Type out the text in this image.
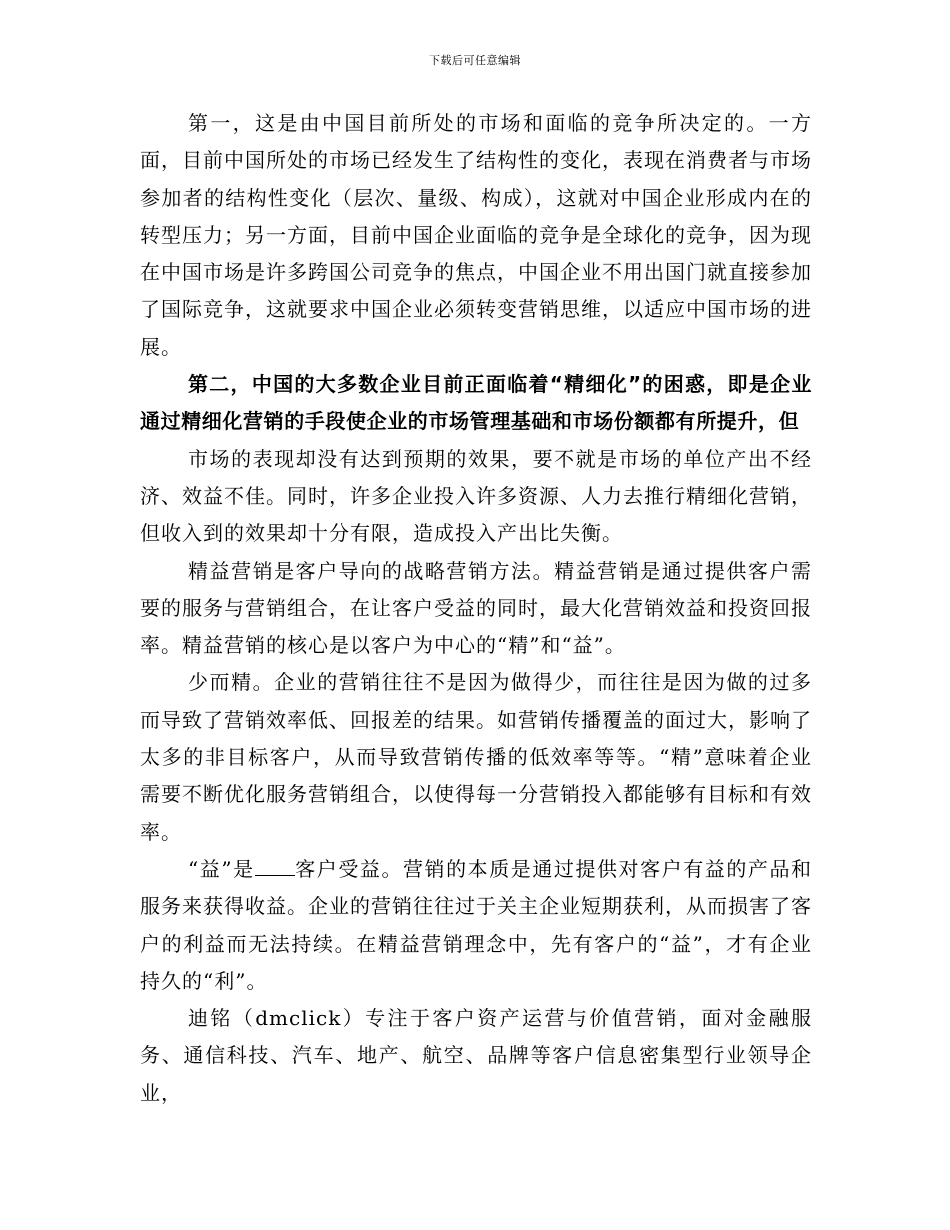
下载后可任意编辑

第一，这是由中国目前所处的市场和面临的竞争所决定的。一方面，目前中国所处的市场已经发生了结构性的变化，表现在消费者与市场参加者的结构性变化（层次、量级、构成），这就对中国企业形成内在的转型压力；另一方面，目前中国企业面临的竞争是全球化的竞争，因为现在中国市场是许多跨国公司竞争的焦点，中国企业不用出国门就直接参加了国际竞争，这就要求中国企业必须转变营销思维，以适应中国市场的进展。

第二，中国的大多数企业目前正面临着“精细化”的困惑，即是企业通过精细化营销的手段使企业的市场管理基础和市场份额都有所提升，但

市场的表现却没有达到预期的效果，要不就是市场的单位产出不经济、效益不佳。同时，许多企业投入许多资源、人力去推行精细化营销，但收入到的效果却十分有限，造成投入产出比失衡。

精益营销是客户导向的战略营销方法。精益营销是通过提供客户需要的服务与营销组合，在让客户受益的同时，最大化营销效益和投资回报率。精益营销的核心是以客户为中心的“精”和“益”。

少而精。企业的营销往往不是因为做得少，而往往是因为做的过多而导致了营销效率低、回报差的结果。如营销传播覆盖的面过大，影响了太多的非目标客户，从而导致营销传播的低效率等等。“精”意味着企业需要不断优化服务营销组合，以使得每一分营销投入都能够有目标和有效率。

“益”是 客户受益。营销的本质是通过提供对客户有益的产品和服务来获得收益。企业的营销往往过于关主企业短期获利，从而损害了客户的利益而无法持续。在精益营销理念中，先有客户的“益”，才有企业持久的“利”。

迪铭（dmclick）专注于客户资产运营与价值营销，面对金融服务、通信科技、汽车、地产、航空、品牌等客户信息密集型行业领导企业，
